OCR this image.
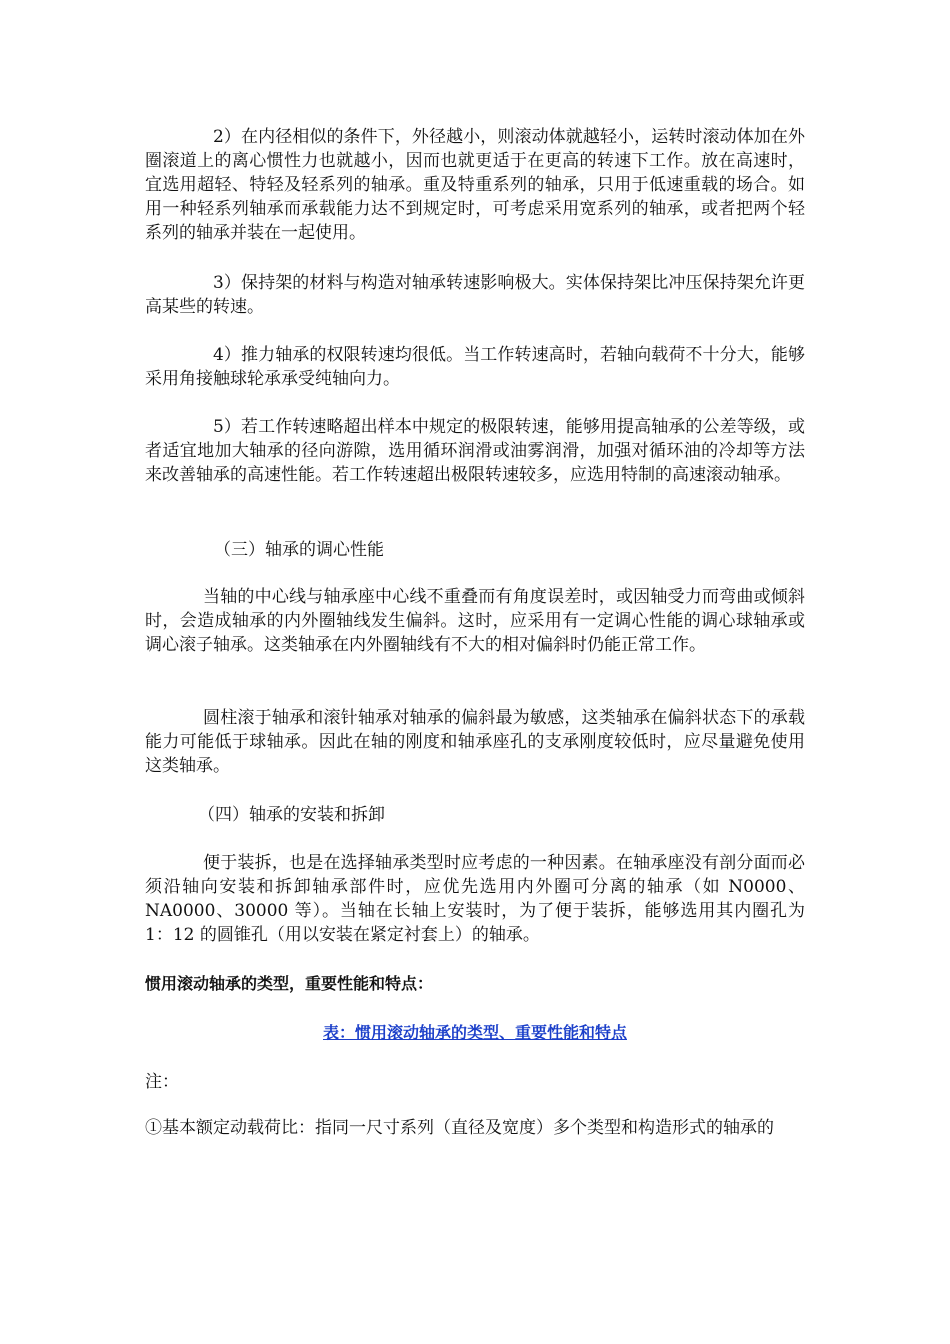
2）在内径相似的条件下，外径越小，则滚动体就越轻小，运转时滚动体加在外圈滚道上的离心惯性力也就越小，因而也就更适于在更高的转速下工作。放在高速时，宜选用超轻、特轻及轻系列的轴承。重及特重系列的轴承，只用于低速重载的场合。如用一种轻系列轴承而承载能力达不到规定时，可考虑采用宽系列的轴承，或者把两个轻系列的轴承并装在一起使用。

3）保持架的材料与构造对轴承转速影响极大。实体保持架比冲压保持架允许更高某些的转速。

4）推力轴承的权限转速均很低。当工作转速高时，若轴向载荷不十分大，能够采用角接触球轮承承受纯轴向力。

5）若工作转速略超出样本中规定的极限转速，能够用提高轴承的公差等级，或者适宜地加大轴承的径向游隙，选用循环润滑或油雾润滑，加强对循环油的冷却等方法来改善轴承的高速性能。若工作转速超出极限转速较多，应选用特制的高速滚动轴承。

（三）轴承的调心性能

当轴的中心线与轴承座中心线不重叠而有角度误差时，或因轴受力而弯曲或倾斜时，会造成轴承的内外圈轴线发生偏斜。这时，应采用有一定调心性能的调心球轴承或调心滚子轴承。这类轴承在内外圈轴线有不大的相对偏斜时仍能正常工作。

圆柱滚于轴承和滚针轴承对轴承的偏斜最为敏感，这类轴承在偏斜状态下的承载能力可能低于球轴承。因此在轴的刚度和轴承座孔的支承刚度较低时，应尽量避免使用这类轴承。

（四）轴承的安装和拆卸

便于装拆，也是在选择轴承类型时应考虑的一种因素。在轴承座没有剖分面而必须沿轴向安装和拆卸轴承部件时，应优先选用内外圈可分离的轴承（如 N0000、NA0000、30000 等）。当轴在长轴上安装时，为了便于装拆，能够选用其内圈孔为 1：12 的圆锥孔（用以安装在紧定衬套上）的轴承。

惯用滚动轴承的类型，重要性能和特点：

表：惯用滚动轴承的类型、重要性能和特点

注：

①基本额定动载荷比：指同一尺寸系列（直径及宽度）多个类型和构造形式的轴承的
